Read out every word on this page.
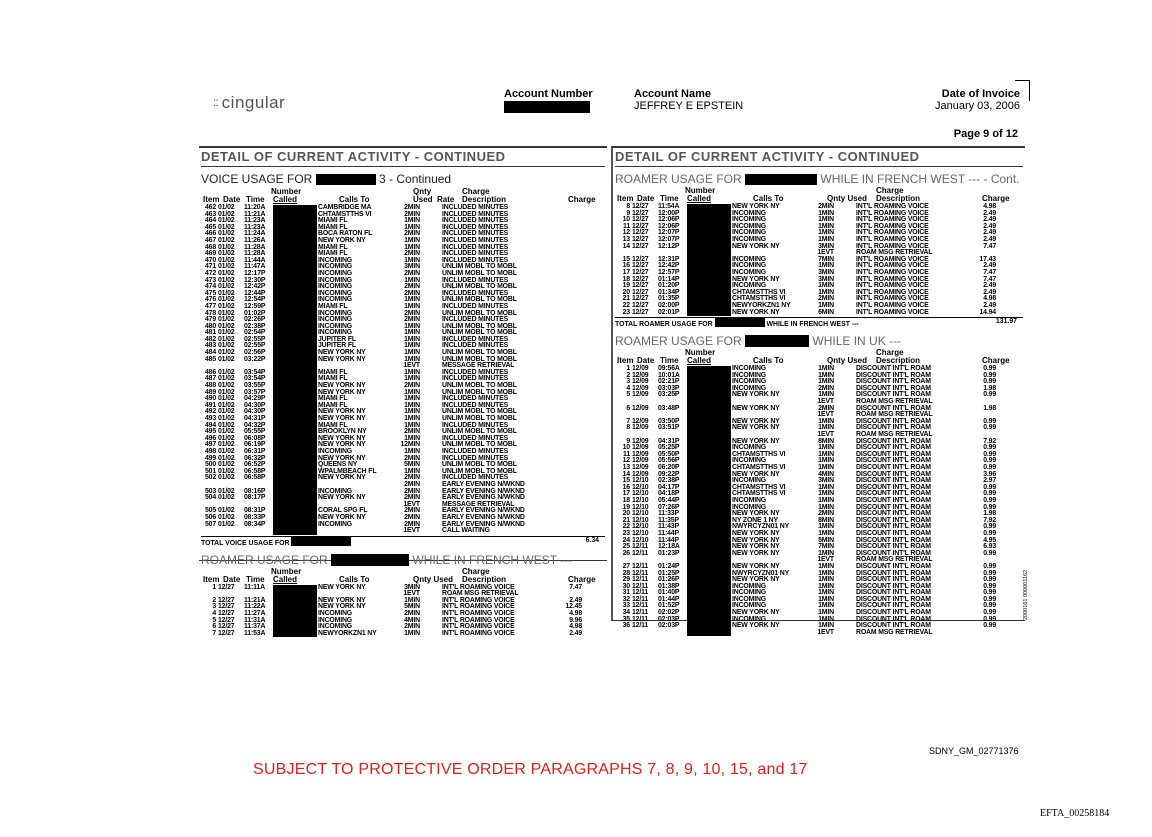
:: cingular	Account Number	Account Name
JEFFREY E EPSTEIN
Date of Invoice
January 03, 2006
Page 9 of 12
DETAIL OF CURRENT ACTIVITY - CONTINUED
VOICE USAGE FOR	3 - Continued
Number	Qnty	Charge
Item Date Time Called	Calls To	Used Rate Description	Charge
462	01/02	11:20A		CAMBRIDGE MA	2MIN		INCLUDED MINUTES	
463	01/02	11:21A		CHTAMSTTHS VI	2MIN		INCLUDED MINUTES	
464	01/02	11:23A		MIAMI FL	1MIN		INCLUDED MINUTES	
465	01/02	11:23A		MIAMI FL	1MIN		INCLUDED MINUTES	
466	01/02	11:24A		BOCA RATON FL	2MIN		INCLUDED MINUTES	
467	01/02	11:26A		NEW YORK NY	1MIN		INCLUDED MINUTES	
468	01/02	11:28A		MIAMI FL	1MIN		INCLUDED MINUTES	
469	01/02	11:28A		MIAMI FL	2MIN		INCLUDED MINUTES	
470	01/02	11:44A		INCOMING	1MIN		INCLUDED MINUTES	
471	01/02	11:47A		INCOMING	3MIN		UNLIM MOBL TO MOBL	
472	01/02	12:17P		INCOMING	2MIN		UNLIM MOBL TO MOBL	
473	01/02	12:30P		INCOMING	1MIN		INCLUDED MINUTES	
474	01/02	12:42P		INCOMING	2MIN		UNLIM MOBL TO MOBL	
475	01/02	12:44P		INCOMING	2MIN		INCLUDED MINUTES	
476	01/02	12:54P		INCOMING	1MIN		UNLIM MOBL TO MOBL	
477	01/02	12:59P		MIAMI FL	1MIN		INCLUDED MINUTES	
478	01/02	01:02P		INCOMING	2MIN		UNLIM MOBL TO MOBL	
479	01/02	02:26P		INCOMING	2MIN		INCLUDED MINUTES	
480	01/02	02:38P		INCOMING	1MIN		UNLIM MOBL TO MOBL	
481	01/02	02:54P		INCOMING	1MIN		UNLIM MOBL TO MOBL	
482	01/02	02:55P		JUPITER FL	1MIN		INCLUDED MINUTES	
483	01/02	02:55P		JUPITER FL	1MIN		INCLUDED MINUTES	
484	01/02	02:56P		NEW YORK NY	1MIN		UNLIM MOBL TO MOBL	
485	01/02	03:22P		NEW YORK NY	1MIN		UNLIM MOBL TO MOBL	
					1EVT		MESSAGE RETRIEVAL	
486	01/02	03:54P		MIAMI FL	1MIN		INCLUDED MINUTES	
487	01/02	03:54P		MIAMI FL	1MIN		INCLUDED MINUTES	
488	01/02	03:55P		NEW YORK NY	2MIN		UNLIM MOBL TO MOBL	
489	01/02	03:57P		NEW YORK NY	1MIN		UNLIM MOBL TO MOBL	
490	01/02	04:29P		MIAMI FL	1MIN		INCLUDED MINUTES	
491	01/02	04:30P		MIAMI FL	1MIN		INCLUDED MINUTES	
492	01/02	04:30P		NEW YORK NY	1MIN		UNLIM MOBL TO MOBL	
493	01/02	04:31P		NEW YORK NY	1MIN		UNLIM MOBL TO MOBL	
494	01/02	04:32P		MIAMI FL	1MIN		INCLUDED MINUTES	
495	01/02	05:55P		BROOKLYN NY	2MIN		UNLIM MOBL TO MOBL	
496	01/02	06:08P		NEW YORK NY	1MIN		INCLUDED MINUTES	
497	01/02	06:19P		NEW YORK NY	12MIN		UNLIM MOBL TO MOBL	
498	01/02	06:31P		INCOMING	1MIN		INCLUDED MINUTES	
499	01/02	06:32P		NEW YORK NY	2MIN		INCLUDED MINUTES	
500	01/02	06:52P		QUEENS NY	5MIN		UNLIM MOBL TO MOBL	
501	01/02	06:58P		WPALMBEACH FL	1MIN		UNLIM MOBL TO MOBL	
502	01/02	06:58P		NEW YORK NY	2MIN		INCLUDED MINUTES	
					2MIN		EARLY EVENING N/WKND	
503	01/02	08:16P		INCOMING	2MIN		EARLY EVENING N/WKND	
504	01/02	08:17P		NEW YORK NY	2MIN		EARLY EVENING N/WKND	
					1EVT		MESSAGE RETRIEVAL	
505	01/02	08:31P		CORAL SPG FL	2MIN		EARLY EVENING N/WKND	
506	01/02	08:33P		NEW YORK NY	2MIN		EARLY EVENING N/WKND	
507	01/02	08:34P		INCOMING	2MIN		EARLY EVENING N/WKND	
					1EVT		CALL WAITING	
TOTAL VOICE USAGE FOR	6.34
ROAMER USAGE FOR	WHILE IN FRENCH WEST ---
Number	Charge
Item Date Time Called	Calls To	Qnty Used Description	Charge
1	12/27	11:11A		NEW YORK NY	3MIN		INT'L ROAMING VOICE	7.47
					1EVT		ROAM MSG RETRIEVAL	
2	12/27	11:21A		NEW YORK NY	1MIN		INT'L ROAMING VOICE	2.49
3	12/27	11:22A		NEW YORK NY	5MIN		INT'L ROAMING VOICE	12.45
4	12/27	11:27A		INCOMING	2MIN		INT'L ROAMING VOICE	4.98
5	12/27	11:31A		INCOMING	4MIN		INT'L ROAMING VOICE	9.96
6	12/27	11:37A		INCOMING	2MIN		INT'L ROAMING VOICE	4.98
7	12/27	11:53A		NEWYORKZN1 NY	1MIN		INT'L ROAMING VOICE	2.49
DETAIL OF CURRENT ACTIVITY - CONTINUED
ROAMER USAGE FOR	WHILE IN FRENCH WEST --- - Cont.
Number	Charge
Item Date Time Called	Calls To	Qnty Used Description	Charge
8	12/27	11:54A		NEW YORK NY	2MIN		INT'L ROAMING VOICE	4.98
9	12/27	12:00P		INCOMING	1MIN		INT'L ROAMING VOICE	2.49
10	12/27	12:06P		INCOMING	1MIN		INT'L ROAMING VOICE	2.49
11	12/27	12:06P		INCOMING	1MIN		INT'L ROAMING VOICE	2.49
12	12/27	12:07P		INCOMING	1MIN		INT'L ROAMING VOICE	2.49
13	12/27	12:07P		INCOMING	1MIN		INT'L ROAMING VOICE	2.49
14	12/27	12:12P		NEW YORK NY	3MIN		INT'L ROAMING VOICE	7.47
					1EVT		ROAM MSG RETRIEVAL	
15	12/27	12:31P		INCOMING	7MIN		INT'L ROAMING VOICE	17.43
16	12/27	12:42P		INCOMING	1MIN		INT'L ROAMING VOICE	2.49
17	12/27	12:57P		INCOMING	3MIN		INT'L ROAMING VOICE	7.47
18	12/27	01:14P		NEW YORK NY	3MIN		INT'L ROAMING VOICE	7.47
19	12/27	01:20P		INCOMING	1MIN		INT'L ROAMING VOICE	2.49
20	12/27	01:34P		CHTAMSTTHS VI	1MIN		INT'L ROAMING VOICE	2.49
21	12/27	01:35P		CHTAMSTTHS VI	2MIN		INT'L ROAMING VOICE	4.98
22	12/27	02:00P		NEWYORKZN1 NY	1MIN		INT'L ROAMING VOICE	2.49
23	12/27	02:01P		NEW YORK NY	6MIN		INT'L ROAMING VOICE	14.94
TOTAL ROAMER USAGE FOR	WHILE IN FRENCH WEST ---	131.97
ROAMER USAGE FOR	WHILE IN UK ---
Number	Charge
Item Date Time Called	Calls To	Qnty Used Description	Charge
1	12/09	09:56A		INCOMING	1MIN		DISCOUNT INT'L ROAM	0.99
2	12/09	10:01A		INCOMING	1MIN		DISCOUNT INT'L ROAM	0.99
3	12/09	02:21P		INCOMING	1MIN		DISCOUNT INT'L ROAM	0.99
4	12/09	03:03P		INCOMING	2MIN		DISCOUNT INT'L ROAM	1.98
5	12/09	03:25P		NEW YORK NY	1MIN		DISCOUNT INT'L ROAM	0.99
					1EVT		ROAM MSG RETRIEVAL	
6	12/09	03:48P		NEW YORK NY	2MIN		DISCOUNT INT'L ROAM	1.98
					1EVT		ROAM MSG RETRIEVAL	
7	12/09	03:50P		NEW YORK NY	1MIN		DISCOUNT INT'L ROAM	0.99
8	12/09	03:51P		NEW YORK NY	1MIN		DISCOUNT INT'L ROAM	0.99
					1EVT		ROAM MSG RETRIEVAL	
9	12/09	04:31P		NEW YORK NY	8MIN		DISCOUNT INT'L ROAM	7.92
10	12/09	05:25P		INCOMING	1MIN		DISCOUNT INT'L ROAM	0.99
11	12/09	05:50P		CHTAMSTTHS VI	1MIN		DISCOUNT INT'L ROAM	0.99
12	12/09	05:56P		INCOMING	1MIN		DISCOUNT INT'L ROAM	0.99
13	12/09	06:20P		CHTAMSTTHS VI	1MIN		DISCOUNT INT'L ROAM	0.99
14	12/09	09:22P		NEW YORK NY	4MIN		DISCOUNT INT'L ROAM	3.96
15	12/10	02:38P		INCOMING	3MIN		DISCOUNT INT'L ROAM	2.97
16	12/10	04:17P		CHTAMSTTHS VI	1MIN		DISCOUNT INT'L ROAM	0.99
17	12/10	04:18P		CHTAMSTTHS VI	1MIN		DISCOUNT INT'L ROAM	0.99
18	12/10	05:44P		INCOMING	1MIN		DISCOUNT INT'L ROAM	0.99
19	12/10	07:26P		INCOMING	1MIN		DISCOUNT INT'L ROAM	0.99
20	12/10	11:33P		NEW YORK NY	2MIN		DISCOUNT INT'L ROAM	1.98
21	12/10	11:35P		NY ZONE 1 NY	8MIN		DISCOUNT INT'L ROAM	7.92
22	12/10	11:43P		NWYRCYZN01 NY	1MIN		DISCOUNT INT'L ROAM	0.99
23	12/10	11:44P		NEW YORK NY	1MIN		DISCOUNT INT'L ROAM	0.99
24	12/10	11:44P		NEW YORK NY	5MIN		DISCOUNT INT'L ROAM	4.95
25	12/11	12:18A		NEW YORK NY	7MIN		DISCOUNT INT'L ROAM	6.93
26	12/11	01:23P		NEW YORK NY	1MIN		DISCOUNT INT'L ROAM	0.99
					1EVT		ROAM MSG RETRIEVAL	
27	12/11	01:24P		NEW YORK NY	1MIN		DISCOUNT INT'L ROAM	0.99
28	12/11	01:25P		NWYRCYZN01 NY	1MIN		DISCOUNT INT'L ROAM	0.99
29	12/11	01:26P		NEW YORK NY	1MIN		DISCOUNT INT'L ROAM	0.99
30	12/11	01:38P		INCOMING	1MIN		DISCOUNT INT'L ROAM	0.99
31	12/11	01:40P		INCOMING	1MIN		DISCOUNT INT'L ROAM	0.99
32	12/11	01:44P		INCOMING	1MIN		DISCOUNT INT'L ROAM	0.99
33	12/11	01:52P		INCOMING	1MIN		DISCOUNT INT'L ROAM	0.99
34	12/11	02:02P		NEW YORK NY	1MIN		DISCOUNT INT'L ROAM	0.99
35	12/11	02:03P		INCOMING	1MIN		DISCOUNT INT'L ROAM	0.99
36	12/11	02:03P		NEW YORK NY	1MIN		DISCOUNT INT'L ROAM	0.99
					1EVT		ROAM MSG RETRIEVAL	
2000161 000001162
SDNY_GM_02771376
SUBJECT TO PROTECTIVE ORDER PARAGRAPHS 7, 8, 9, 10, 15, and 17
EFTA_00258184
